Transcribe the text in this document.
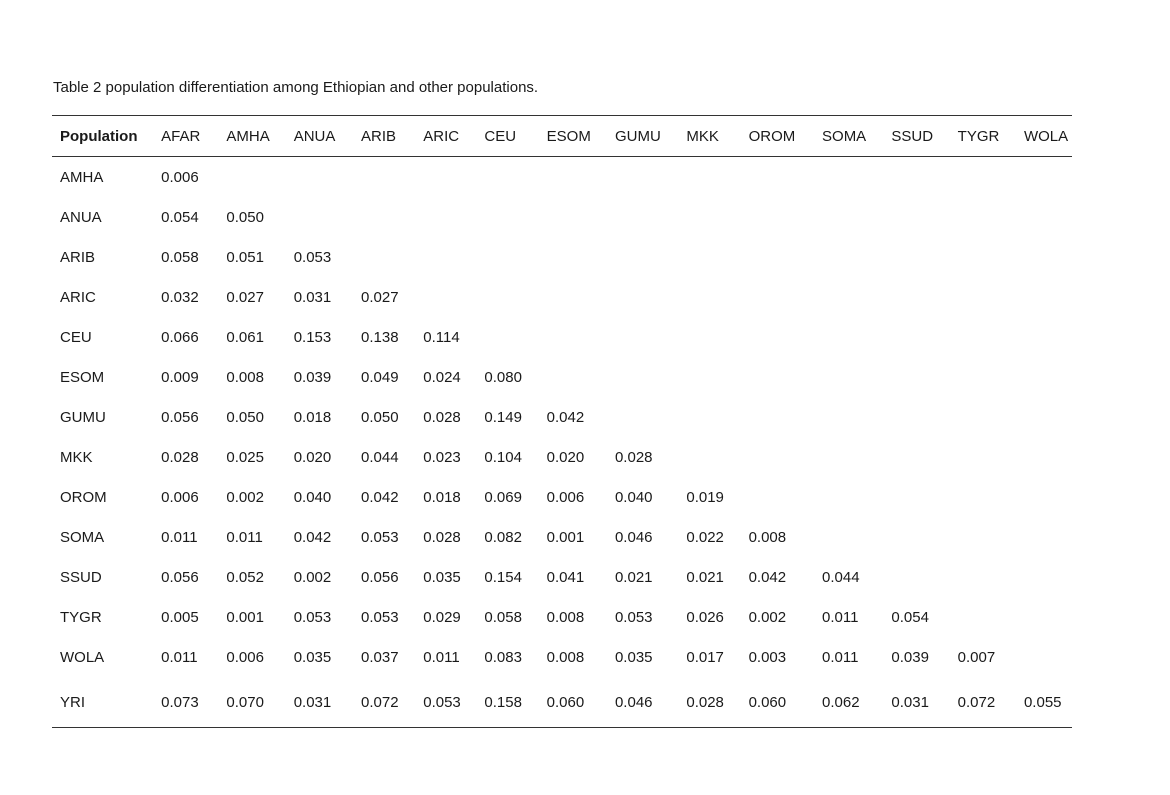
Table 2 population differentiation among Ethiopian and other populations.
Population	AFAR	AMHA	ANUA	ARIB	ARIC	CEU	ESOM	GUMU	MKK	OROM	SOMA	SSUD	TYGR	WOLA
AMHA	0.006													
ANUA	0.054	0.050												
ARIB	0.058	0.051	0.053											
ARIC	0.032	0.027	0.031	0.027										
CEU	0.066	0.061	0.153	0.138	0.114									
ESOM	0.009	0.008	0.039	0.049	0.024	0.080								
GUMU	0.056	0.050	0.018	0.050	0.028	0.149	0.042							
MKK	0.028	0.025	0.020	0.044	0.023	0.104	0.020	0.028						
OROM	0.006	0.002	0.040	0.042	0.018	0.069	0.006	0.040	0.019					
SOMA	0.011	0.011	0.042	0.053	0.028	0.082	0.001	0.046	0.022	0.008				
SSUD	0.056	0.052	0.002	0.056	0.035	0.154	0.041	0.021	0.021	0.042	0.044			
TYGR	0.005	0.001	0.053	0.053	0.029	0.058	0.008	0.053	0.026	0.002	0.011	0.054		
WOLA	0.011	0.006	0.035	0.037	0.011	0.083	0.008	0.035	0.017	0.003	0.011	0.039	0.007	
YRI	0.073	0.070	0.031	0.072	0.053	0.158	0.060	0.046	0.028	0.060	0.062	0.031	0.072	0.055
